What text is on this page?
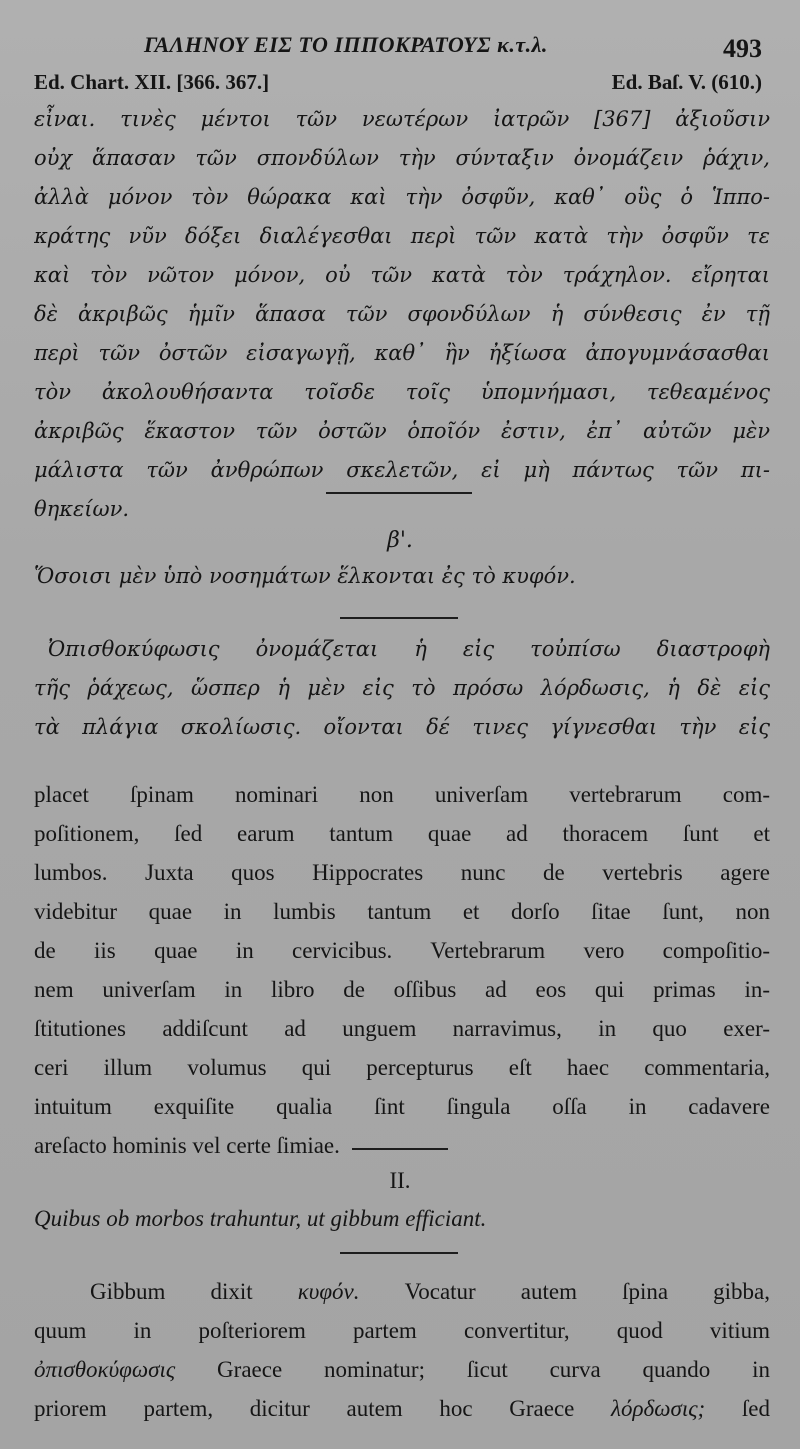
ΓΑΛΗΝΟΥ ΕΙΣ ΤΟ ΙΠΠΟΚΡΑΤΟΥΣ κ.τ.λ.	493
Ed. Chart. XII. [366. 367.]	Ed. Baſ. V. (610.)
εἶναι. τινὲς μέντοι τῶν νεωτέρων ἰατρῶν [367] ἀξιοῦσιν
οὐχ ἅπασαν τῶν σπονδύλων τὴν σύνταξιν ὀνομάζειν ῥάχιν,
ἀλλὰ μόνον τὸν θώρακα καὶ τὴν ὀσφῦν, καθ᾽ οὓς ὁ Ἱππο-
κράτης νῦν δόξει διαλέγεσθαι περὶ τῶν κατὰ τὴν ὀσφῦν τε
καὶ τὸν νῶτον μόνον, οὐ τῶν κατὰ τὸν τράχηλον. εἴρηται
δὲ ἀκριβῶς ἡμῖν ἅπασα τῶν σφονδύλων ἡ σύνθεσις ἐν τῇ
περὶ τῶν ὀστῶν εἰσαγωγῇ, καθ᾽ ἣν ἠξίωσα ἀπογυμνάσασθαι
τὸν ἀκολουθήσαντα τοῖσδε τοῖς ὑπομνήμασι, τεθεαμένος
ἀκριβῶς ἕκαστον τῶν ὀστῶν ὁποῖόν ἐστιν, ἐπ᾽ αὐτῶν μὲν
μάλιστα τῶν ἀνθρώπων σκελετῶν, εἰ μὴ πάντως τῶν πι-
θηκείων.
β'.
Ὅσοισι μὲν ὑπὸ νοσημάτων ἕλκονται ἐς τὸ κυφόν.
Ὀπισθοκύφωσις ὀνομάζεται ἡ εἰς τοὐπίσω διαστροφὴ
τῆς ῥάχεως, ὥσπερ ἡ μὲν εἰς τὸ πρόσω λόρδωσις, ἡ δὲ εἰς
τὰ πλάγια σκολίωσις. οἴονται δέ τινες γίγνεσθαι τὴν εἰς
placet ſpinam nominari non univerſam vertebrarum com-
poſitionem, ſed earum tantum quae ad thoracem ſunt et
lumbos. Juxta quos Hippocrates nunc de vertebris agere
videbitur quae in lumbis tantum et dorſo ſitae ſunt, non
de iis quae in cervicibus. Vertebrarum vero compoſitio-
nem univerſam in libro de oſſibus ad eos qui primas in-
ſtitutiones addiſcunt ad unguem narravimus, in quo exer-
ceri illum volumus qui percepturus eſt haec commentaria,
intuitum exquiſite qualia ſint ſingula oſſa in cadavere
areſacto hominis vel certe ſimiae.
II.
Quibus ob morbos trahuntur, ut gibbum efficiant.
Gibbum dixit κυφόν. Vocatur autem ſpina gibba,
quum in poſteriorem partem convertitur, quod vitium
ὀπισθοκύφωσις Graece nominatur; ſicut curva quando in
priorem partem, dicitur autem hoc Graece λόρδωσις; ſed
